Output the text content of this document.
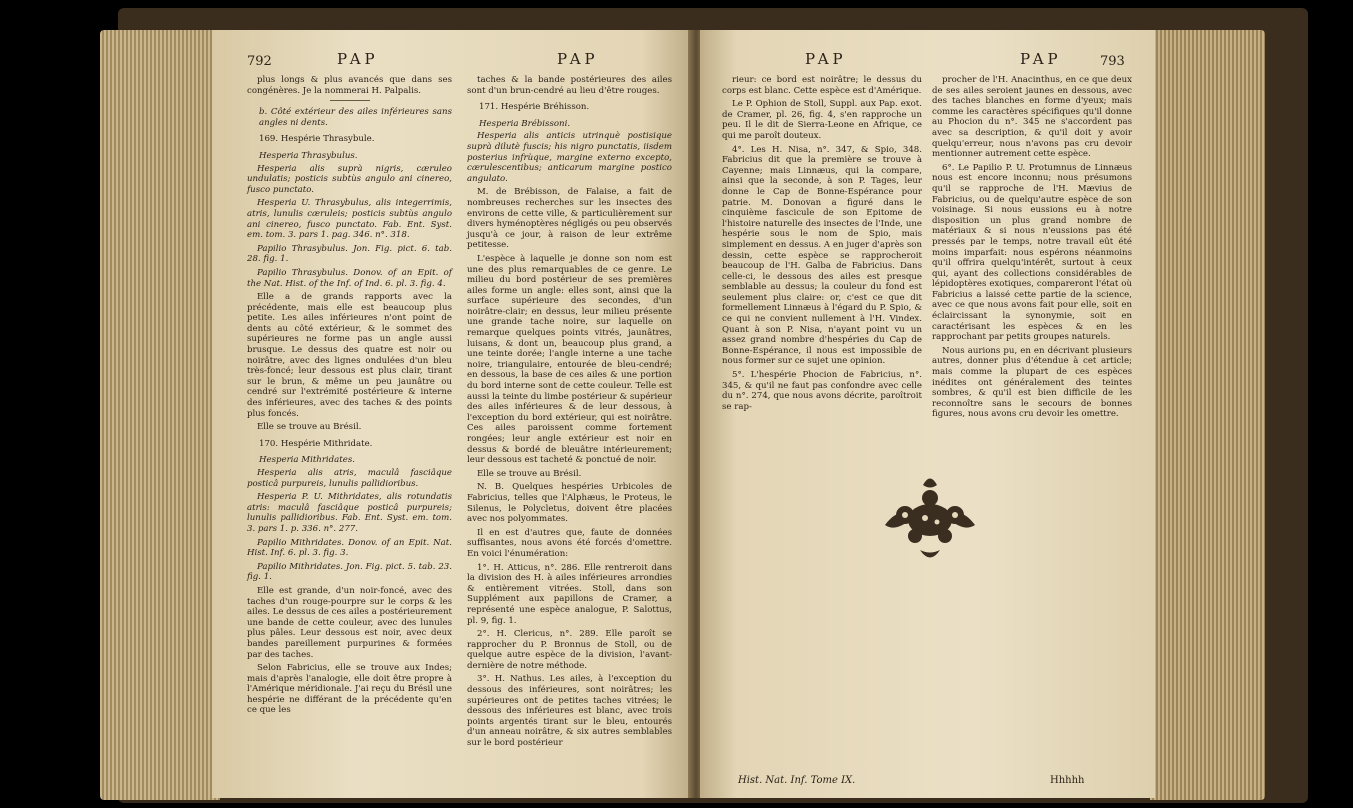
792	PAP	PAP

plus longs & plus avancés que dans ses congénères. Je la nommerai H. Palpalis.

b. Côté extérieur des ailes inférieures sans angles ni dents.

169. Hespérie Thrasybule.

Hesperia Thrasybulus.

Hesperia alis suprà nigris, cæruleo undulatis; posticis subtùs angulo ani cinereo, fusco punctato.

Hesperia U. Thrasybulus, alis integerrimis, atris, lunulis cæruleis; posticis subtùs angulo ani cinereo, fusco punctato. Fab. Ent. Syst. em. tom. 3. pars 1. pag. 346. n°. 318.

Papilio Thrasybulus. Jon. Fig. pict. 6. tab. 28. fig. 1.

Papilio Thrasybulus. Donov. of an Epit. of the Nat. Hist. of the Inf. of Ind. 6. pl. 3. fig. 4.

Elle a de grands rapports avec la précédente, mais elle est beaucoup plus petite. Les ailes inférieures n'ont point de dents au côté extérieur, & le sommet des supérieures ne forme pas un angle aussi brusque. Le dessus des quatre est noir ou noirâtre, avec des lignes ondulées d'un bleu très-foncé; leur dessous est plus clair, tirant sur le brun, & même un peu jaunâtre ou cendré sur l'extrémité postérieure & interne des inférieures, avec des taches & des points plus foncés.

Elle se trouve au Brésil.

170. Hespérie Mithridate.

Hesperia Mithridates.

Hesperia alis atris, maculâ fasciâque posticâ purpureis, lunulis pallidioribus.

Hesperia P. U. Mithridates, alis rotundatis atris: maculâ fasciâque posticâ purpureis; lunulis pallidioribus. Fab. Ent. Syst. em. tom. 3. pars 1. p. 336. n°. 277.

Papilio Mithridates. Donov. of an Epit. Nat. Hist. Inf. 6. pl. 3. fig. 3.

Papilio Mithridates. Jon. Fig. pict. 5. tab. 23. fig. 1.

Elle est grande, d'un noir-foncé, avec des taches d'un rouge-pourpre sur le corps & les ailes. Le dessus de ces ailes a postérieurement une bande de cette couleur, avec des lunules plus pâles. Leur dessous est noir, avec deux bandes pareillement purpurines & formées par des taches.

Selon Fabricius, elle se trouve aux Indes; mais d'après l'analogie, elle doit être propre à l'Amérique méridionale. J'ai reçu du Brésil une hespérie ne différant de la précédente qu'en ce que les

taches & la bande postérieures des ailes sont d'un brun-cendré au lieu d'être rouges.

171. Hespérie Bréhisson.

Hesperia Brébissoni.

Hesperia alis anticis utrinquè postisique suprà dilutè fuscis; his nigro punctatis, iisdem posterius infrùque, margine externo excepto, cærulescentibus; anticarum margine postico angulato.

M. de Brébisson, de Falaise, a fait de nombreuses recherches sur les insectes des environs de cette ville, & particulièrement sur divers hyménoptères négligés ou peu observés jusqu'à ce jour, à raison de leur extrême petitesse.

L'espèce à laquelle je donne son nom est une des plus remarquables de ce genre. Le milieu du bord postérieur de ses premières ailes forme un angle: elles sont, ainsi que la surface supérieure des secondes, d'un noirâtre-clair; en dessus, leur milieu présente une grande tache noire, sur laquelle on remarque quelques points vitrés, jaunâtres, luisans, & dont un, beaucoup plus grand, a une teinte dorée; l'angle interne a une tache noire, triangulaire, entourée de bleu-cendré; en dessous, la base de ces ailes & une portion du bord interne sont de cette couleur. Telle est aussi la teinte du limbe postérieur & supérieur des ailes inférieures & de leur dessous, à l'exception du bord extérieur, qui est noirâtre. Ces ailes paroissent comme fortement rongées; leur angle extérieur est noir en dessus & bordé de bleuâtre intérieurement; leur dessous est tacheté & ponctué de noir.

Elle se trouve au Brésil.

N. B. Quelques hespéries Urbicoles de Fabricius, telles que l'Alphæus, le Proteus, le Silenus, le Polycletus, doivent être placées avec nos polyommates.

Il en est d'autres que, faute de données suffisantes, nous avons été forcés d'omettre. En voici l'énumération:

1°. H. Atticus, n°. 286. Elle rentreroit dans la division des H. à ailes inférieures arrondies & entièrement vitrées. Stoll, dans son Supplément aux papillons de Cramer, a représenté une espèce analogue, P. Salottus, pl. 9, fig. 1.

2°. H. Clericus, n°. 289. Elle paroît se rapprocher du P. Bronnus de Stoll, ou de quelque autre espèce de la division, l'avant-dernière de notre méthode.

3°. H. Nathus. Les ailes, à l'exception du dessous des inférieures, sont noirâtres; les supérieures ont de petites taches vitrées; le dessous des inférieures est blanc, avec trois points argentés tirant sur le bleu, entourés d'un anneau noirâtre, & six autres semblables sur le bord postérieur

PAP	PAP	793

rieur: ce bord est noirâtre; le dessus du corps est blanc. Cette espèce est d'Amérique.

Le P. Ophion de Stoll, Suppl. aux Pap. exot. de Cramer, pl. 26, fig. 4, s'en rapproche un peu. Il le dit de Sierra-Leone en Afrique, ce qui me paroît douteux.

4°. Les H. Nisa, n°. 347, & Spio, 348. Fabricius dit que la première se trouve à Cayenne; mais Linnæus, qui la compare, ainsi que la seconde, à son P. Tages, leur donne le Cap de Bonne-Espérance pour patrie. M. Donovan a figuré dans le cinquième fascicule de son Epitome de l'histoire naturelle des insectes de l'Inde, une hespérie sous le nom de Spio, mais simplement en dessus. A en juger d'après son dessin, cette espèce se rapprocheroit beaucoup de l'H. Galba de Fabricius. Dans celle-ci, le dessous des ailes est presque semblable au dessus; la couleur du fond est seulement plus claire: or, c'est ce que dit formellement Linnæus à l'égard du P. Spio, & ce qui ne convient nullement à l'H. Vindex. Quant à son P. Nisa, n'ayant point vu un assez grand nombre d'hespéries du Cap de Bonne-Espérance, il nous est impossible de nous former sur ce sujet une opinion.

5°. L'hespérie Phocion de Fabricius, n°. 345, & qu'il ne faut pas confondre avec celle du n°. 274, que nous avons décrite, paroîtroit se rap-

procher de l'H. Anacinthus, en ce que deux de ses ailes seroient jaunes en dessous, avec des taches blanches en forme d'yeux; mais comme les caractères spécifiques qu'il donne au Phocion du n°. 345 ne s'accordent pas avec sa description, & qu'il doit y avoir quelqu'erreur, nous n'avons pas cru devoir mentionner autrement cette espèce.

6°. Le Papilio P. U. Protumnus de Linnæus nous est encore inconnu; nous présumons qu'il se rapproche de l'H. Mævius de Fabricius, ou de quelqu'autre espèce de son voisinage. Si nous eussions eu à notre disposition un plus grand nombre de matériaux & si nous n'eussions pas été pressés par le temps, notre travail eût été moins imparfait: nous espérons néanmoins qu'il offrira quelqu'intérêt, surtout à ceux qui, ayant des collections considérables de lépidoptères exotiques, compareront l'état où Fabricius a laissé cette partie de la science, avec ce que nous avons fait pour elle, soit en éclaircissant la synonymie, soit en caractérisant les espèces & en les rapprochant par petits groupes naturels.

Nous aurions pu, en en décrivant plusieurs autres, donner plus d'étendue à cet article; mais comme la plupart de ces espèces inédites ont généralement des teintes sombres, & qu'il est bien difficile de les reconnoître sans le secours de bonnes figures, nous avons cru devoir les omettre.

Hist. Nat. Inf. Tome IX.	Hhhhh
